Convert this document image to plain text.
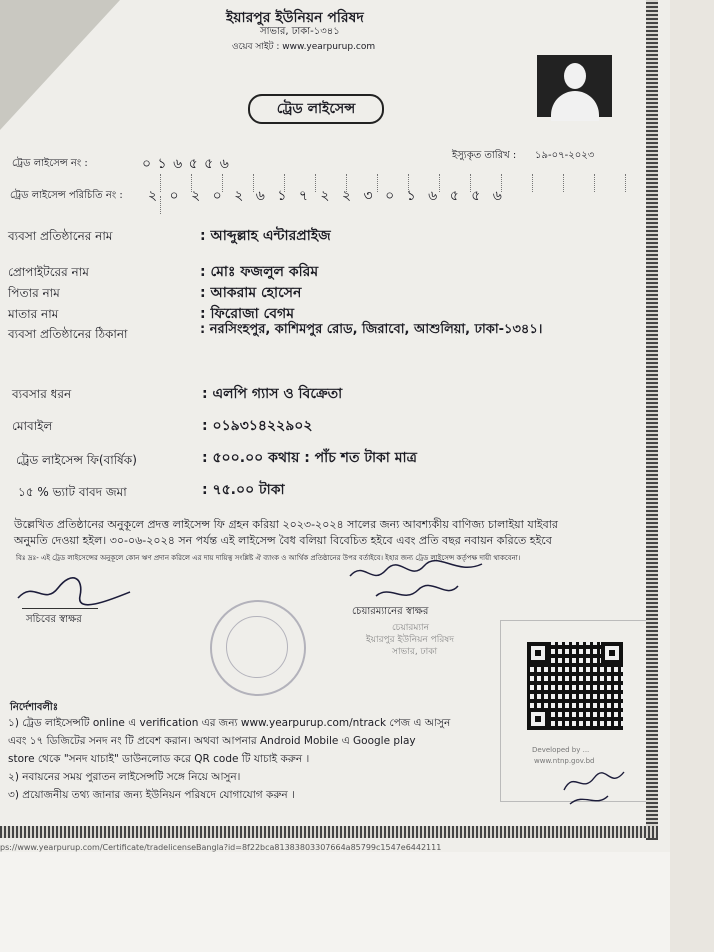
ইয়ারপুর ইউনিয়ন পরিষদ
সাভার, ঢাকা-১৩৪১
ওয়েব সাইট : www.yearpurup.com
ট্রেড লাইসেন্স
ট্রেড লাইসেন্স নং :	০ ১ ৬ ৫ ৫ ৬
ইস্যুকৃত তারিখ : ১৯-০৭-২০২৩
ট্রেড লাইসেন্স পরিচিতি নং : ২ ০ ২ ০ ২ ৬ ১ ৭ ২ ২ ৩ ০ ১ ৬ ৫ ৫ ৬
ব্যবসা প্রতিষ্ঠানের নাম	: আব্দুল্লাহ এন্টারপ্রাইজ
প্রোপাইটরের নাম	: মোঃ ফজলুল করিম
পিতার নাম	: আকরাম হোসেন
মাতার নাম	: ফিরোজা বেগম
ব্যবসা প্রতিষ্ঠানের ঠিকানা	: নরসিংহপুর, কাশিমপুর রোড, জিরাবো, আশুলিয়া, ঢাকা-১৩৪১।
ব্যবসার ধরন	: এলপি গ্যাস ও বিক্রেতা
মোবাইল	: ০১৯৩১৪২২৯০২
ট্রেড লাইসেন্স ফি(বার্ষিক)	: ৫০০.০০ কথায় : পাঁচ শত টাকা মাত্র
১৫ % ভ্যাট বাবদ জমা	: ৭৫.০০ টাকা
উল্লেখিত প্রতিষ্ঠানের অনুকূলে প্রদত্ত লাইসেন্স ফি গ্রহন করিয়া ২০২৩-২০২৪ সালের জন্য আবশ্যকীয় বাণিজ্য চালাইয়া যাইবার
অনুমতি দেওয়া হইল। ৩০-০৬-২০২৪ সন পর্যন্ত এই লাইসেন্স বৈধ বলিয়া বিবেচিত হইবে এবং প্রতি বছর নবায়ন করিতে হইবে
বিঃ দ্রঃ- এই ট্রেড লাইসেন্সের অনুকূলে কোন ঋণ প্রদান করিলে এর দায় দায়িত্ব সংশ্লিষ্ট ঐ ব্যাংক ও আর্থিক প্রতিষ্ঠানের উপর বর্তাইবে। ইহার জন্য ট্রেড লাইসেন্স কর্তৃপক্ষ দায়ী থাকবেনা।
সচিবের স্বাক্ষর
চেয়ারম্যানের স্বাক্ষর
চেয়ারম্যান
ইয়ারপুর ইউনিয়ন পরিষদ
সাভার, ঢাকা
Developed by ...
www.ntnp.gov.bd
নির্দেশাবলীঃ
১) ট্রেড লাইসেন্সটি online এ verification এর জন্য www.yearpurup.com/ntrack পেজ এ আসুন
এবং ১৭ ডিজিটের সনদ নং টি প্রবেশ করান। অথবা আপনার Android Mobile এ Google play
store থেকে "সনদ যাচাই" ডাউনলোড করে QR code টি যাচাই করুন ।
২) নবায়নের সময় পুরাতন লাইসেন্সটি সঙ্গে নিয়ে আসুন।
৩) প্রয়োজনীয় তথ্য জানার জন্য ইউনিয়ন পরিষদে যোগাযোগ করুন ।
ps://www.yearpurup.com/Certificate/tradelicenseBangla?id=8f22bca8138380330​7664a85799c1547e6442111
